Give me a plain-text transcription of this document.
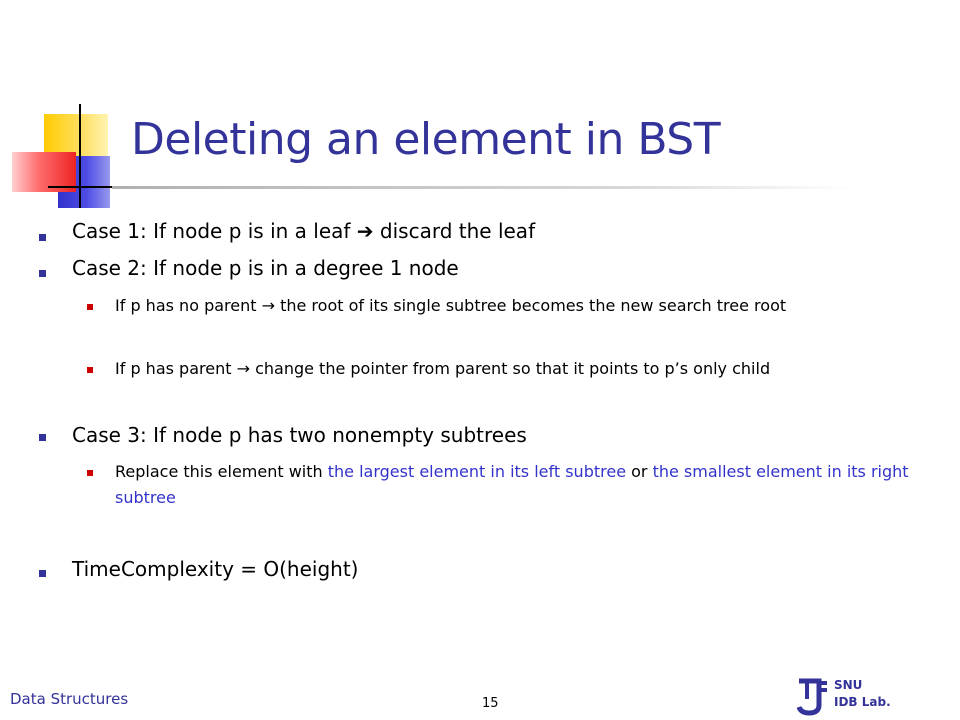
Deleting an element in BST
Case 1: If node p is in a leaf ➔ discard the leaf
Case 2: If node p is in a degree 1 node
If p has no parent → the root of its single subtree becomes the new search tree root
If p has parent → change the pointer from parent so that it points to p’s only child
Case 3: If node p has two nonempty subtrees
Replace this element with the largest element in its left subtree or the smallest element in its right subtree
TimeComplexity = O(height)
Data Structures	15
SNU
IDB Lab.
